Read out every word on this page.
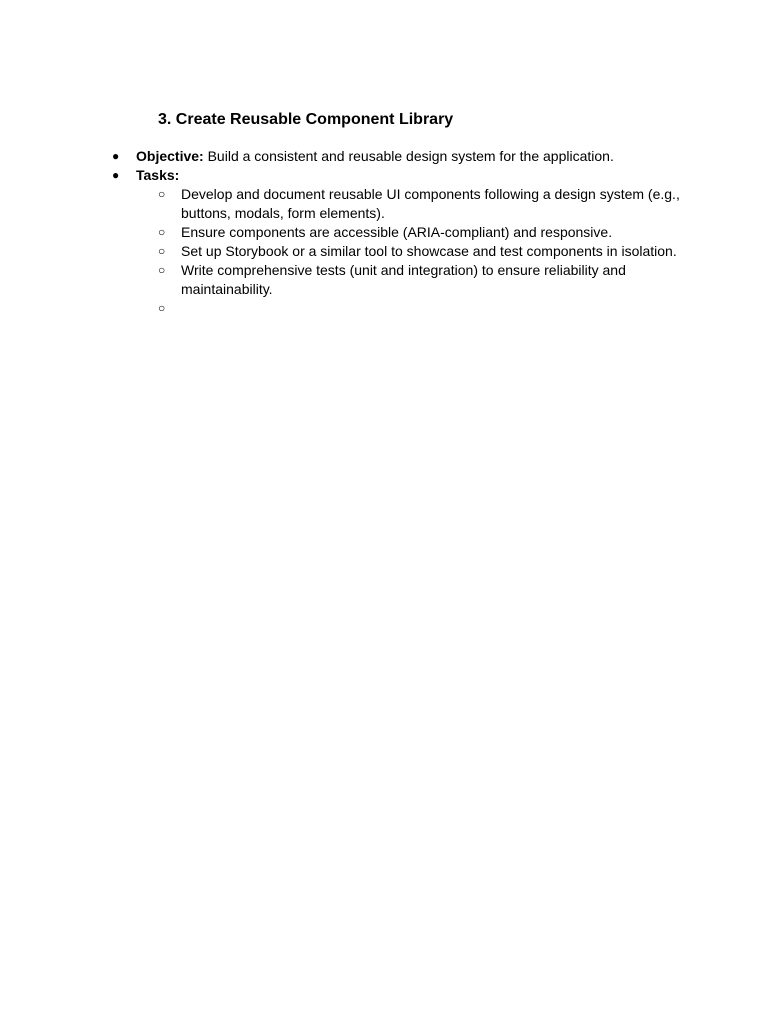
3. Create Reusable Component Library
●	Objective: Build a consistent and reusable design system for the application.
●	Tasks:
○ Develop and document reusable UI components following a design system (e.g., buttons, modals, form elements).
○ Ensure components are accessible (ARIA-compliant) and responsive.
○ Set up Storybook or a similar tool to showcase and test components in isolation.
○ Write comprehensive tests (unit and integration) to ensure reliability and maintainability.
○
